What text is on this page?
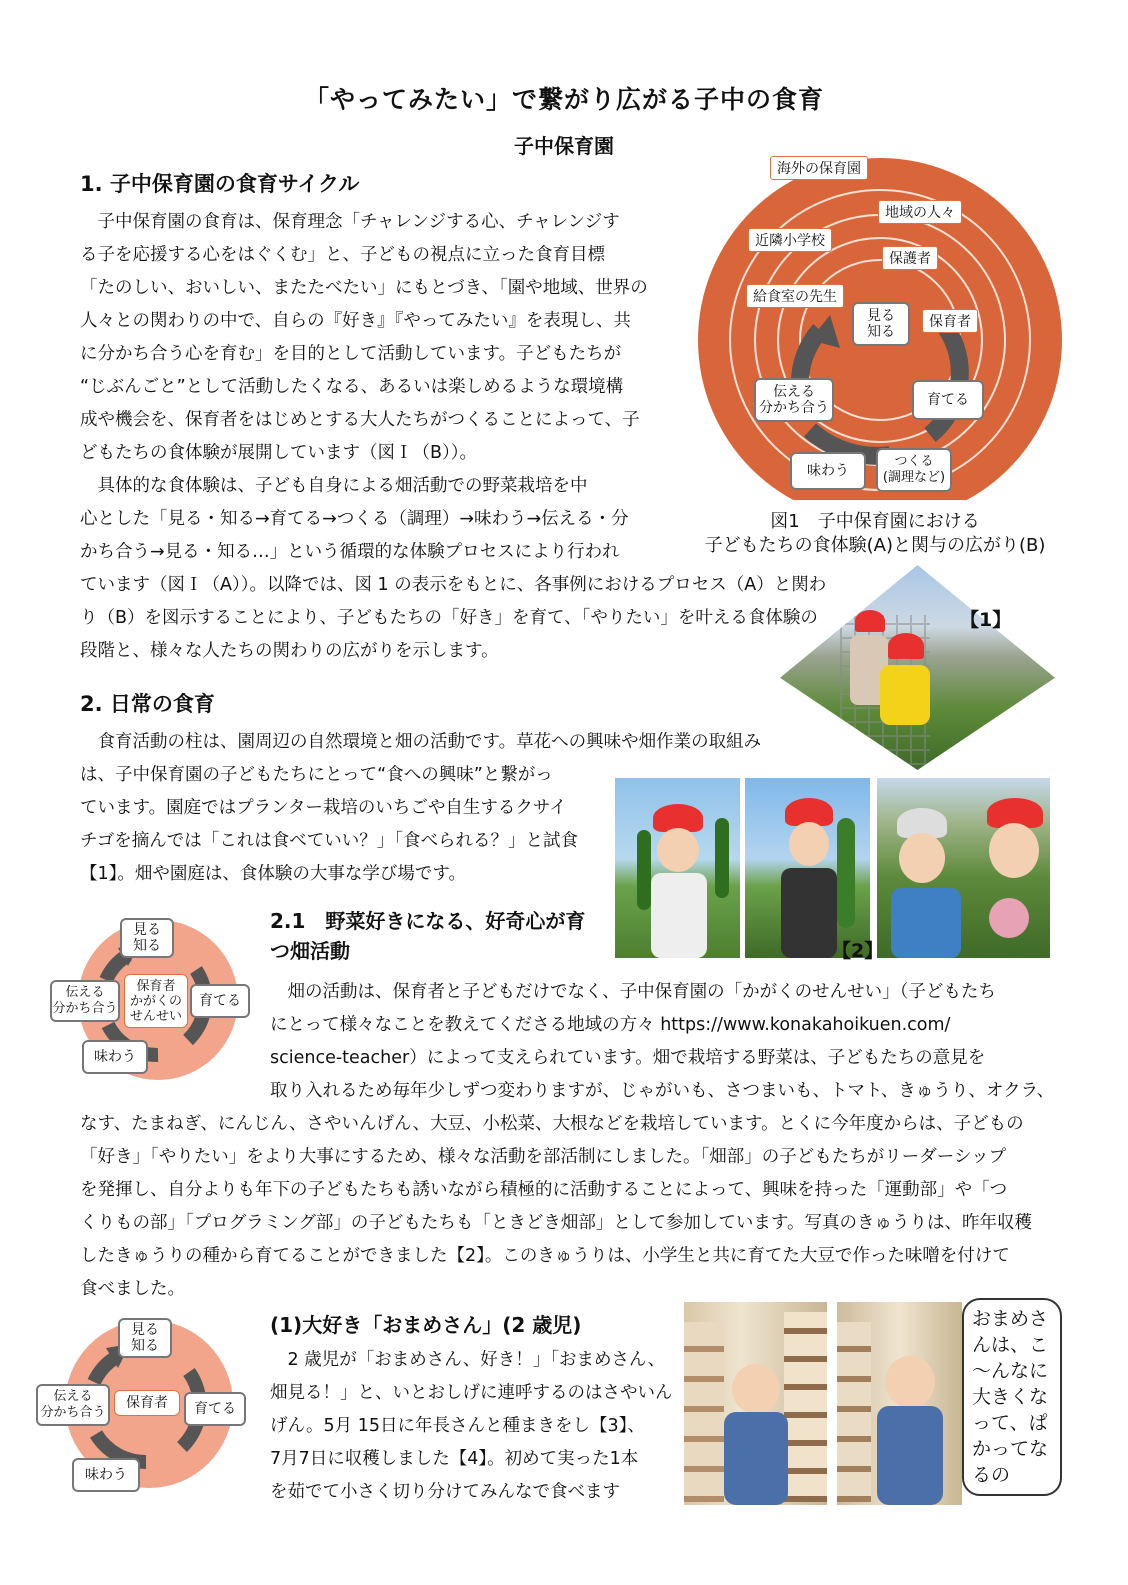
「やってみたい」で繋がり広がる子中の食育
子中保育園
1. 子中保育園の食育サイクル
　子中保育園の食育は、保育理念「チャレンジする心、チャレンジす
る子を応援する心をはぐくむ」と、子どもの視点に立った食育目標
「たのしい、おいしい、またたべたい」にもとづき、「園や地域、世界の
人々との関わりの中で、自らの『好き』『やってみたい』を表現し、共
に分かち合う心を育む」を目的として活動しています。子どもたちが
“じぶんごと”として活動したくなる、あるいは楽しめるような環境構
成や機会を、保育者をはじめとする大人たちがつくることによって、子
どもたちの食体験が展開しています（図Ｉ（B））。
　具体的な食体験は、子ども自身による畑活動での野菜栽培を中
心とした「見る・知る→育てる→つくる（調理）→味わう→伝える・分
かち合う→見る・知る…」という循環的な体験プロセスにより行われ
ています（図Ｉ（A））。以降では、図 1 の表示をもとに、各事例におけるプロセス（A）と関わ
り（B）を図示することにより、子どもたちの「好き」を育て、「やりたい」を叶える食体験の
段階と、様々な人たちの関わりの広がりを示します。
海外の保育園
地域の人々
近隣小学校
保護者
給食室の先生
保育者
見る
知る
育てる
つくる
(調理など)
味わう
伝える
分かち合う
図1　子中保育園における
子どもたちの食体験(A)と関与の広がり(B)
【1】
【2】
2. 日常の食育
　食育活動の柱は、園周辺の自然環境と畑の活動です。草花への興味や畑作業の取組み
は、子中保育園の子どもたちにとって“食への興味”と繋がっ
ています。園庭ではプランター栽培のいちごや自生するクサイ
チゴを摘んでは「これは食べていい？」「食べられる？」と試食
【1】。畑や園庭は、食体験の大事な学び場です。
見る
知る
育てる
味わう
伝える
分かち合う
保育者
かがくの
せんせい
2.1　野菜好きになる、好奇心が育
つ畑活動
　畑の活動は、保育者と子どもだけでなく、子中保育園の「かがくのせんせい」（子どもたち
にとって様々なことを教えてくださる地域の方々 https://www.konakahoikuen.com/
science-teacher）によって支えられています。畑で栽培する野菜は、子どもたちの意見を
取り入れるため毎年少しずつ変わりますが、じゃがいも、さつまいも、トマト、きゅうり、オクラ、
なす、たまねぎ、にんじん、さやいんげん、大豆、小松菜、大根などを栽培しています。とくに今年度からは、子どもの
「好き」「やりたい」をより大事にするため、様々な活動を部活制にしました。「畑部」の子どもたちがリーダーシップ
を発揮し、自分よりも年下の子どもたちも誘いながら積極的に活動することによって、興味を持った「運動部」や「つ
くりもの部」「プログラミング部」の子どもたちも「ときどき畑部」として参加しています。写真のきゅうりは、昨年収穫
したきゅうりの種から育てることができました【2】。このきゅうりは、小学生と共に育てた大豆で作った味噌を付けて
食べました。
見る
知る
育てる
味わう
伝える
分かち合う
保育者
(1)大好き「おまめさん」(2 歳児)
　2 歳児が「おまめさん、好き！」「おまめさん、
畑見る！」と、いとおしげに連呼するのはさやいん
げん。5月 15日に年長さんと種まきをし【3】、
7月7日に収穫しました【4】。初めて実った1本
を茹でて小さく切り分けてみんなで食べます
おまめさ
んは、こ
～んなに
大きくな
って、ぱ
かってな
るの
